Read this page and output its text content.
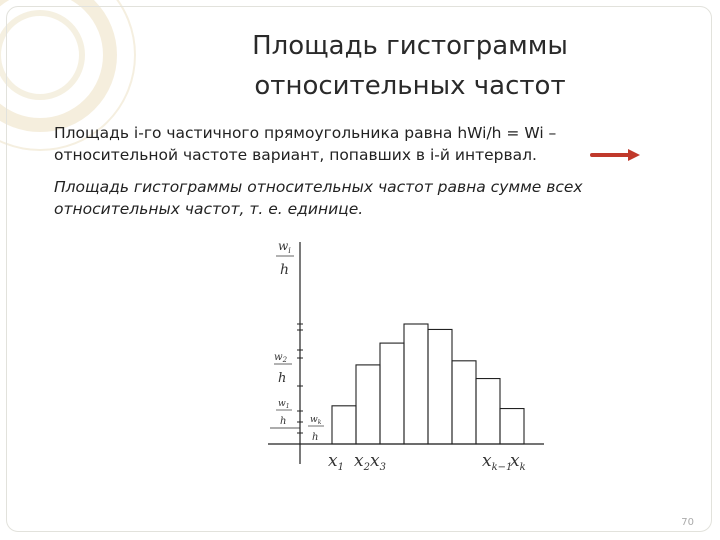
Площадь гистограммы
относительных частот
Площадь i-го частичного прямоугольника равна hWi/h = Wi –
относительной частоте вариант, попавших в i-й интервал.
Площадь гистограммы относительных частот равна сумме всех
относительных частот, т. е. единице.
$w_i$
h
$w_2$
h
$w_1$
h	$w_k$
h
$x_1$ $x_2$ $x_3$	$x_{k-1}$
$x_k$
70
